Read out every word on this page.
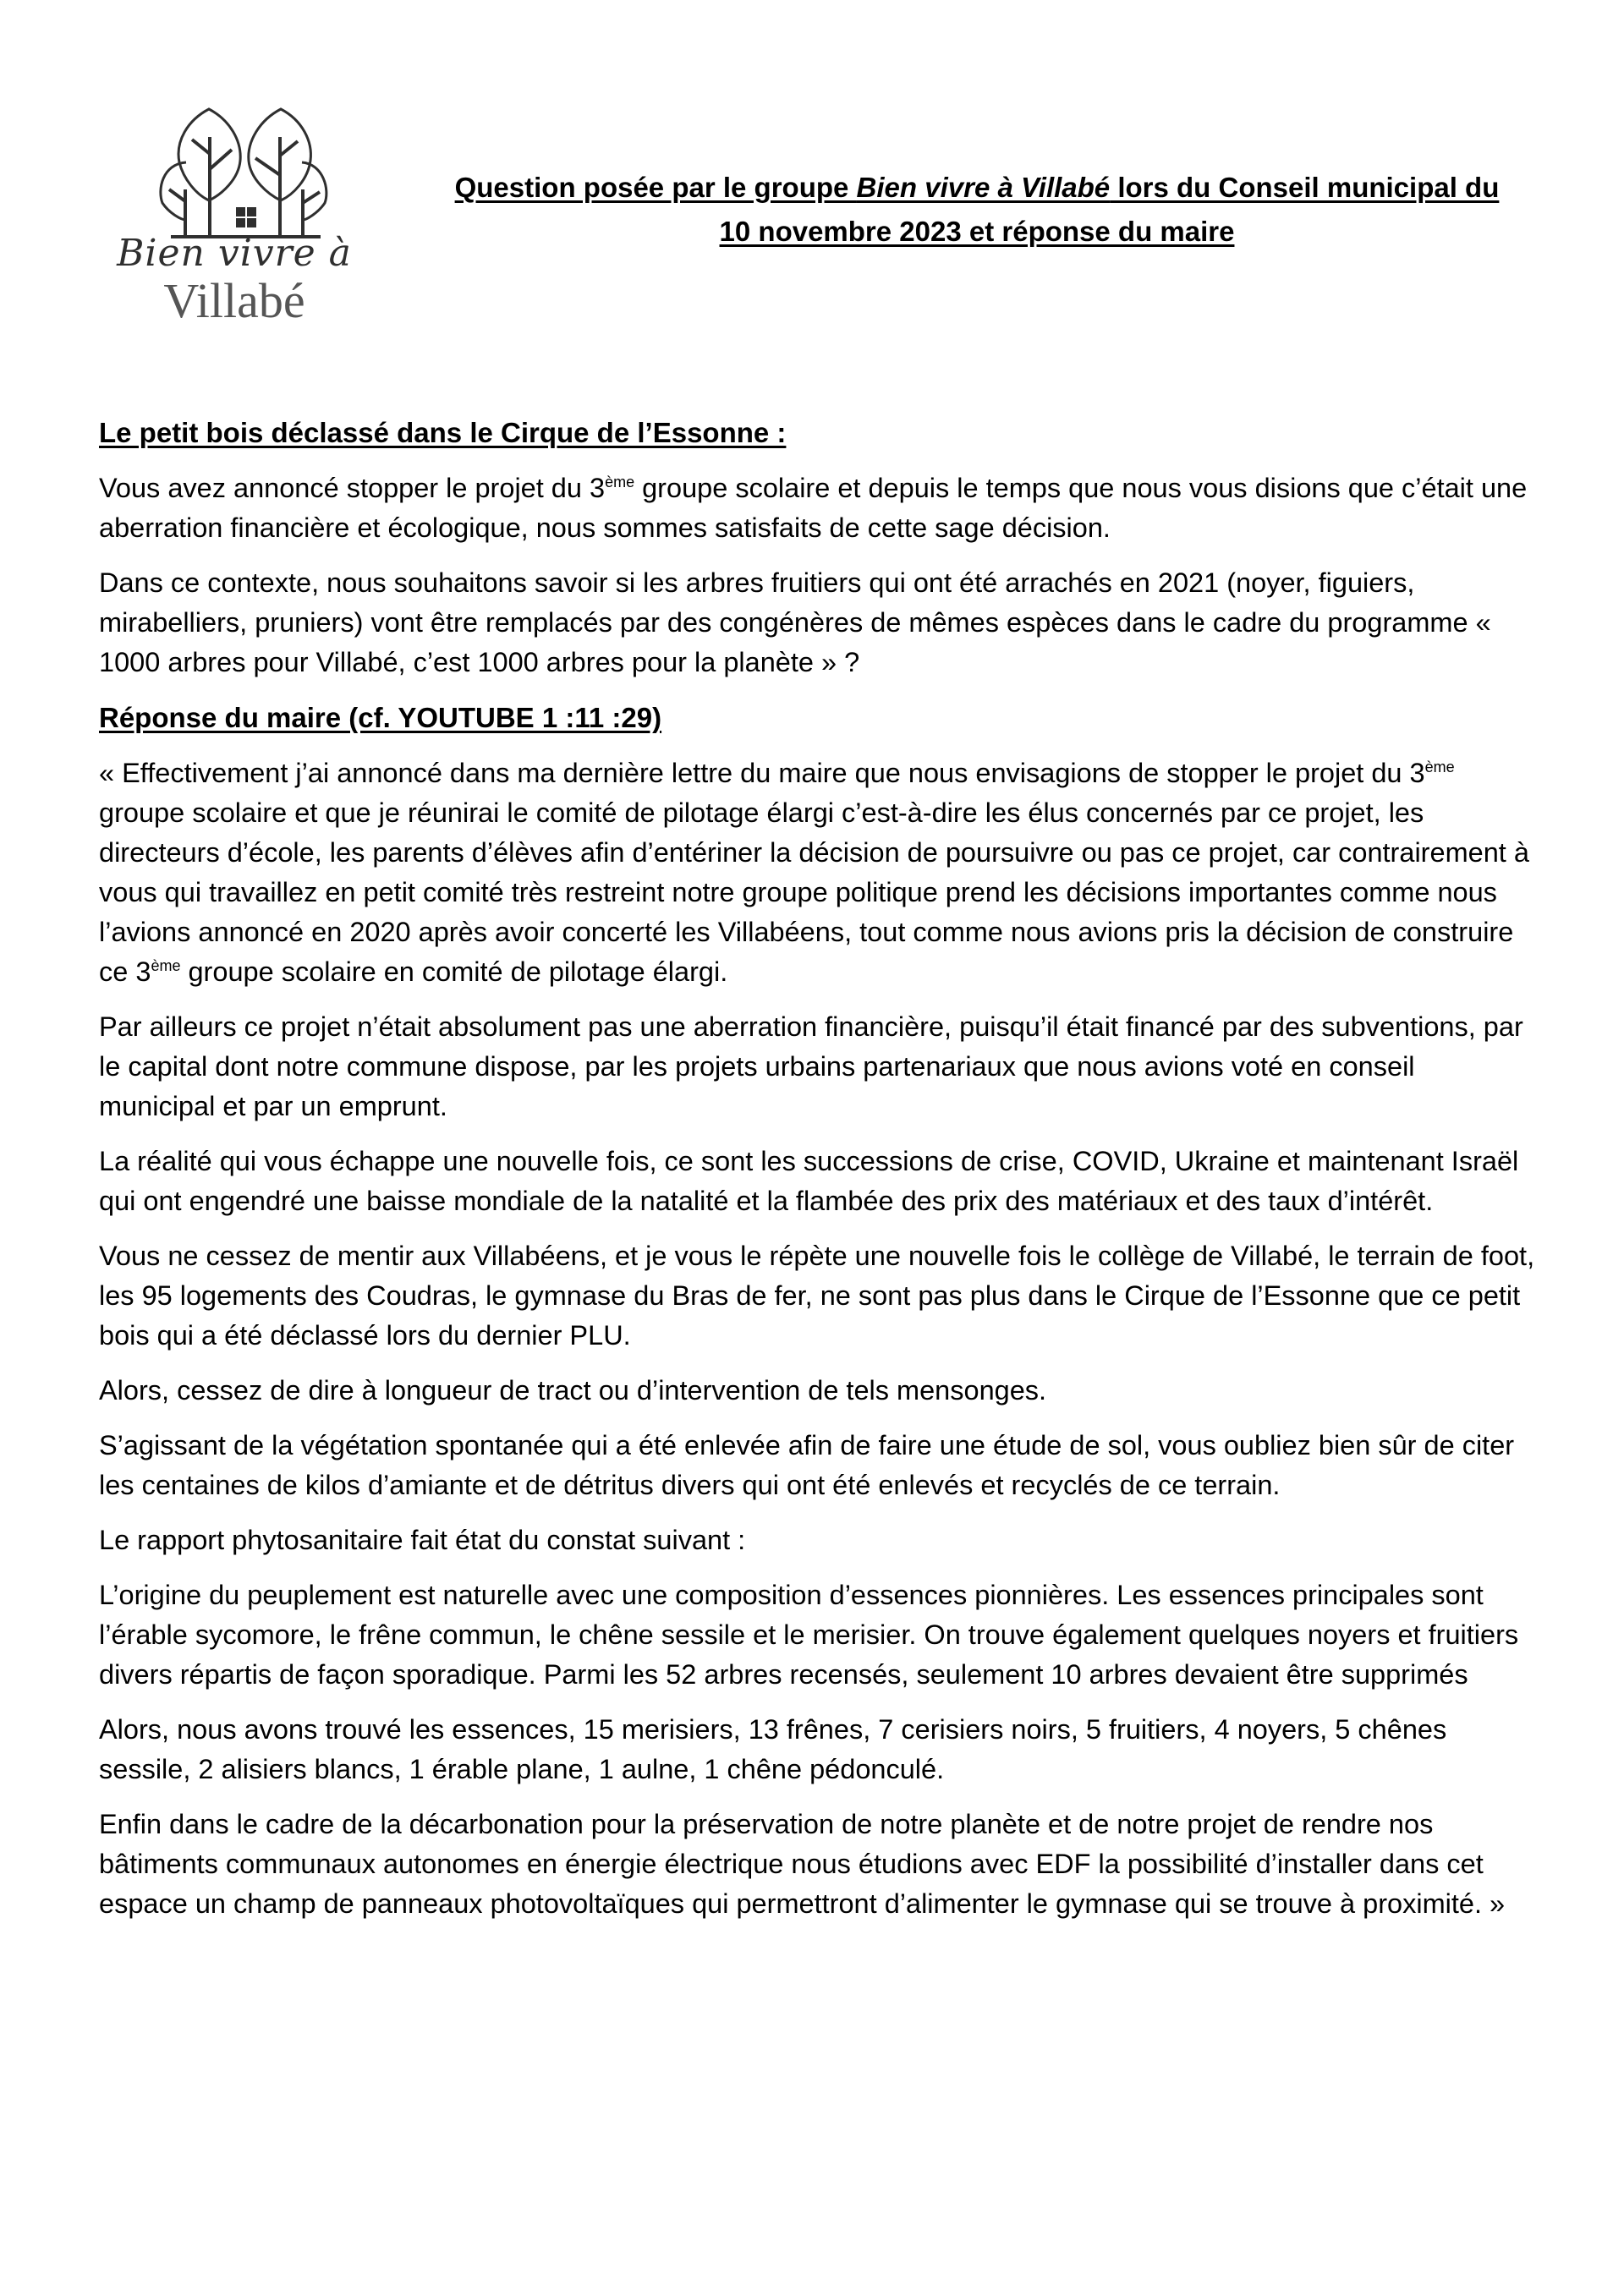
Bien vivre à
Villabé
Question posée par le groupe Bien vivre à Villabé lors du Conseil municipal du
10 novembre 2023 et réponse du maire
Le petit bois déclassé dans le Cirque de l’Essonne :

Vous avez annoncé stopper le projet du 3ème groupe scolaire et depuis le temps que nous vous disions que c’était une aberration financière et écologique, nous sommes satisfaits de cette sage décision.

Dans ce contexte, nous souhaitons savoir si les arbres fruitiers qui ont été arrachés en 2021 (noyer, figuiers, mirabelliers, pruniers) vont être remplacés par des congénères de mêmes espèces dans le cadre du programme « 1000 arbres pour Villabé, c’est 1000 arbres pour la planète » ?

Réponse du maire (cf. YOUTUBE 1 :11 :29)

« Effectivement j’ai annoncé dans ma dernière lettre du maire que nous envisagions de stopper le projet du 3ème groupe scolaire et que je réunirai le comité de pilotage élargi c’est-à-dire les élus concernés par ce projet, les directeurs d’école, les parents d’élèves afin d’entériner la décision de poursuivre ou pas ce projet, car contrairement à vous qui travaillez en petit comité très restreint notre groupe politique prend les décisions importantes comme nous l’avions annoncé en 2020 après avoir concerté les Villabéens, tout comme nous avions pris la décision de construire ce 3ème groupe scolaire en comité de pilotage élargi.

Par ailleurs ce projet n’était absolument pas une aberration financière, puisqu’il était financé par des subventions, par le capital dont notre commune dispose, par les projets urbains partenariaux que nous avions voté en conseil municipal et par un emprunt.

La réalité qui vous échappe une nouvelle fois, ce sont les successions de crise, COVID, Ukraine et maintenant Israël qui ont engendré une baisse mondiale de la natalité et la flambée des prix des matériaux et des taux d’intérêt.

Vous ne cessez de mentir aux Villabéens, et je vous le répète une nouvelle fois le collège de Villabé, le terrain de foot, les 95 logements des Coudras, le gymnase du Bras de fer, ne sont pas plus dans le Cirque de l’Essonne que ce petit bois qui a été déclassé lors du dernier PLU.

Alors, cessez de dire à longueur de tract ou d’intervention de tels mensonges.

S’agissant de la végétation spontanée qui a été enlevée afin de faire une étude de sol, vous oubliez bien sûr de citer les centaines de kilos d’amiante et de détritus divers qui ont été enlevés et recyclés de ce terrain.

Le rapport phytosanitaire fait état du constat suivant :

L’origine du peuplement est naturelle avec une composition d’essences pionnières. Les essences principales sont l’érable sycomore, le frêne commun, le chêne sessile et le merisier. On trouve également quelques noyers et fruitiers divers répartis de façon sporadique. Parmi les 52 arbres recensés, seulement 10 arbres devaient être supprimés

Alors, nous avons trouvé les essences, 15 merisiers, 13 frênes, 7 cerisiers noirs, 5 fruitiers, 4 noyers, 5 chênes sessile, 2 alisiers blancs, 1 érable plane, 1 aulne, 1 chêne pédonculé.

Enfin dans le cadre de la décarbonation pour la préservation de notre planète et de notre projet de rendre nos bâtiments communaux autonomes en énergie électrique nous étudions avec EDF la possibilité d’installer dans cet espace un champ de panneaux photovoltaïques qui permettront d’alimenter le gymnase qui se trouve à proximité. »
